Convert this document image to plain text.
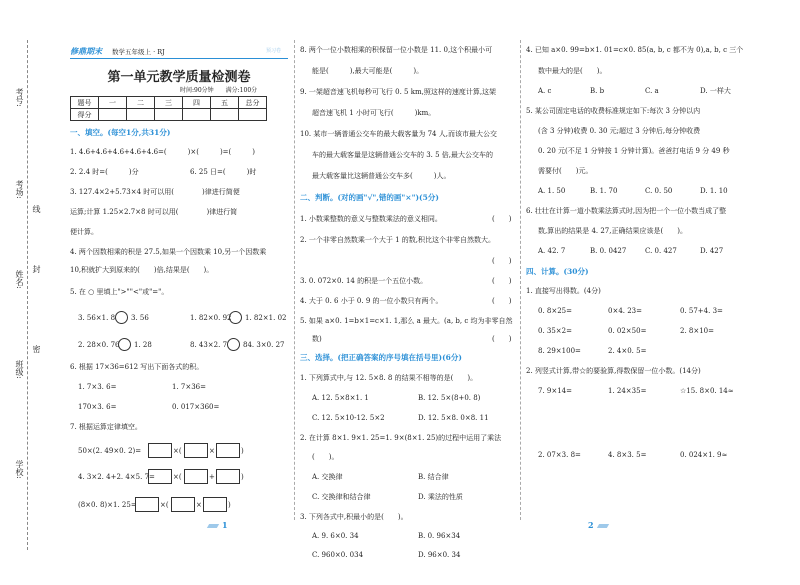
考号:
考场:
姓名:
班级:
学校:
线
封
密
修鼎期末 数学五年级上 · RJ	预习卷
第一单元教学质量检测卷
时间:90分钟　　满分:100分
题号	一	二	三	四	五	总分
得分						
一、填空。(每空1分,共31分)
1. 4.6+4.6+4.6+4.6+4.6=(　　　)×(　　　)=(　　　)
2. 2.4 时=(　　　)分	6. 25 日=(　　　)时
3. 127.4×2+5.73×4 时可以用(　　　　)律进行简便
运算;计算 1.25×2.7×8 时可以用(　　　　)律进行简
便计算。
4. 两个因数相乘的积是 27.5,如果一个因数乘 10,另一个因数乘
10,积就扩大到原来的(　　)倍,结果是(　　)。
5. 在 ○ 里填上">""<"或"="。
3. 56×1. 8 3. 56	1. 82×0. 92 1. 82×1. 02
2. 28×0. 76 1. 28	8. 43×2. 7 84. 3×0. 27
6. 根据 17×36=612 写出下面各式的积。
1. 7×3. 6=	1. 7×36=
170×3. 6=	0. 017×360=
7. 根据运算定律填空。
50×(2. 49×0. 2)=	×(	×	)
4. 3×2. 4+2. 4×5. 7=	×(	+	)
(8×0. 8)×1. 25=	×(	×	)
1
8. 两个一位小数相乘的积保留一位小数是 11. 0,这个积最小可
能是(　　　),最大可能是(　　　)。
9. 一架超音速飞机每秒可飞行 0. 5 km,照这样的速度计算,这架
超音速飞机 1 小时可飞行(　　　)km。
10. 某市一辆普通公交车的最大载客量为 74 人,而该市最大公交
车的最大载客量是这辆普通公交车的 3. 5 倍,最大公交车的
最大载客量比这辆普通公交车多(　　　)人。
二、判断。(对的画"√",错的画"×")(5分)
1. 小数乘整数的意义与整数乘法的意义相同。	(　　)
2. 一个非零自然数乘一个大于 1 的数,积比这个非零自然数大。
(　　)
3. 0. 072×0. 14 的积是一个五位小数。	(　　)
4. 大于 0. 6 小于 0. 9 的一位小数只有两个。	(　　)
5. 如果 a×0. 1=b×1=c×1. 1,那么 a 最大。(a, b, c 均为非零自然
数)	(　　)
三、选择。(把正确答案的序号填在括号里)(6分)
1. 下列算式中,与 12. 5×8. 8 的结果不相等的是(　　)。
A. 12. 5×8×1. 1	B. 12. 5×(8+0. 8)
C. 12. 5×10-12. 5×2	D. 12. 5×8. 0×8. 11
2. 在计算 8×1. 9×1. 25=1. 9×(8×1. 25)的过程中运用了乘法
(　　)。
A. 交换律	B. 结合律
C. 交换律和结合律	D. 乘法的性质
3. 下列各式中,积最小的是(　　)。
A. 9. 6×0. 34	B. 0. 96×34
C. 960×0. 034	D. 96×0. 34
4. 已知 a×0. 99=b×1. 01=c×0. 85(a, b, c 都不为 0),a, b, c 三个
数中最大的是(　　)。
A. c	B. b	C. a	D. 一样大
5. 某公司固定电话的收费标准规定如下:每次 3 分钟以内
(含 3 分钟)收费 0. 30 元;超过 3 分钟后,每分钟收费
0. 20 元(不足 1 分钟按 1 分钟计算)。爸爸打电话 9 分 49 秒
需要付(　　)元。
A. 1. 50	B. 1. 70	C. 0. 50	D. 1. 10
6. 壮壮在计算一道小数乘法算式时,因为把一个一位小数当成了整
数,算出的结果是 4. 27,正确结果应该是(　　)。
A. 42. 7	B. 0. 0427	C. 0. 427	D. 427
四、计算。(30分)
1. 直接写出得数。(4分)
0. 8×25=	0×4. 23=	0. 57+4. 3=
0. 35×2=	0. 02×50=	2. 8×10=
8. 29×100=	2. 4×0. 5=
2. 列竖式计算,带☆的要验算,得数保留一位小数。(14分)
7. 9×14=	1. 24×35=	☆15. 8×0. 14≈
2. 07×3. 8=	4. 8×3. 5=	0. 024×1. 9≈
2
